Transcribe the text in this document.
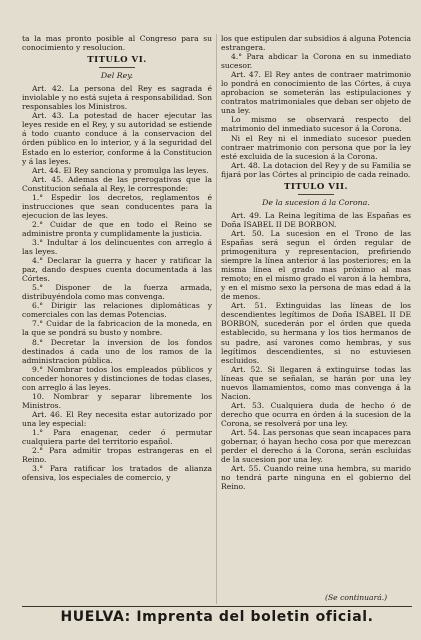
ta la mas pronto posible al Congreso para su conocimiento y resolucion.

TITULO VI.
Del Rey.

Art. 42. La persona del Rey es sagrada é inviolable y no está sujeta á responsabilidad. Son responsables los Ministros.

Art. 43. La potestad de hacer ejecutar las leyes reside en el Rey, y su autoridad se estiende á todo cuanto conduce á la conservacion del órden público en lo interior, y á la seguridad del Estado en lo esterior, conforme á la Constitucion y á las leyes.

Art. 44. El Rey sanciona y promulga las leyes.

Art. 45. Ademas de las prerogativas que la Constitucion señala al Rey, le corresponde:

1.° Espedir los decretos, reglamentos é instrucciones que sean conducentes para la ejecucion de las leyes.

2.° Cuidar de que en todo el Reino se administre pronta y cumplidamente la justicia.

3.° Indultar á los delincuentes con arreglo á las leyes.

4.° Declarar la guerra y hacer y ratificar la paz, dando despues cuenta documentada á las Córtes.

5.° Disponer de la fuerza armada, distribuyéndola como mas convenga.

6.° Dirigir las relaciones diplomáticas y comerciales con las demas Potencias.

7.° Cuidar de la fabricacion de la moneda, en la que se pondrá su busto y nombre.

8.° Decretar la inversion de los fondos destinados á cada uno de los ramos de la administracion pública.

9.° Nombrar todos los empleados públicos y conceder honores y distinciones de todas clases, con arreglo á las leyes.

10. Nombrar y separar libremente los Ministros.

Art. 46. El Rey necesita estar autorizado por una ley especial:

1.° Para enagenar, ceder ó permutar cualquiera parte del territorio español.

2.° Para admitir tropas estrangeras en el Reino.

3.° Para ratificar los tratados de alianza ofensiva, los especiales de comercio, y

los que estipulen dar subsidios á alguna Potencia estrangera.

4.° Para abdicar la Corona en su inmediato sucesor.

Art. 47. El Rey antes de contraer matrimonio lo pondrá en conocimiento de las Córtes, á cuya aprobacion se someterán las estipulaciones y contratos matrimoniales que deban ser objeto de una ley.

Lo mismo se observará respecto del matrimonio del inmediato sucesor á la Corona.

Ni el Rey ni el inmediato sucesor pueden contraer matrimonio con persona que por la ley esté excluida de la sucesion á la Corona.

Art. 48. La dotacion del Rey y de su Familia se fijará por las Córtes al principio de cada reinado.

TITULO VII.
De la sucesion á la Corona.

Art. 49. La Reina legítima de las Españas es Doña ISABEL II DE BORBON.

Art. 50. La sucesion en el Trono de las Españas será segun el órden regular de primogenitura y representacion, prefiriendo siempre la línea anterior á las posteriores; en la misma línea el grado mas próximo al mas remoto; en el mismo grado el varon á la hembra, y en el mismo sexo la persona de mas edad á la de menos.

Art. 51. Extinguidas las líneas de los descendientes legítimos de Doña ISABEL II DE BORBON, sucederán por el órden que queda establecido, su hermana y los tios hermanos de su padre, así varones como hembras, y sus legítimos descendientes, si no estuviesen escluidos.

Art. 52. Si llegaren á extinguirse todas las líneas que se señalan, se harán por una ley nuevos llamamientos, como mas convenga á la Nacion.

Art. 53. Cualquiera duda de hecho ó de derecho que ocurra en órden á la sucesion de la Corona, se resolverá por una ley.

Art. 54. Las personas que sean incapaces para gobernar, ó hayan hecho cosa por que merezcan perder el derecho á la Corona, serán escluidas de la sucesion por una ley.

Art. 55. Cuando reine una hembra, su marido no tendrá parte ninguna en el gobierno del Reino.

(Se continuará.)
HUELVA: Imprenta del boletin oficial.
